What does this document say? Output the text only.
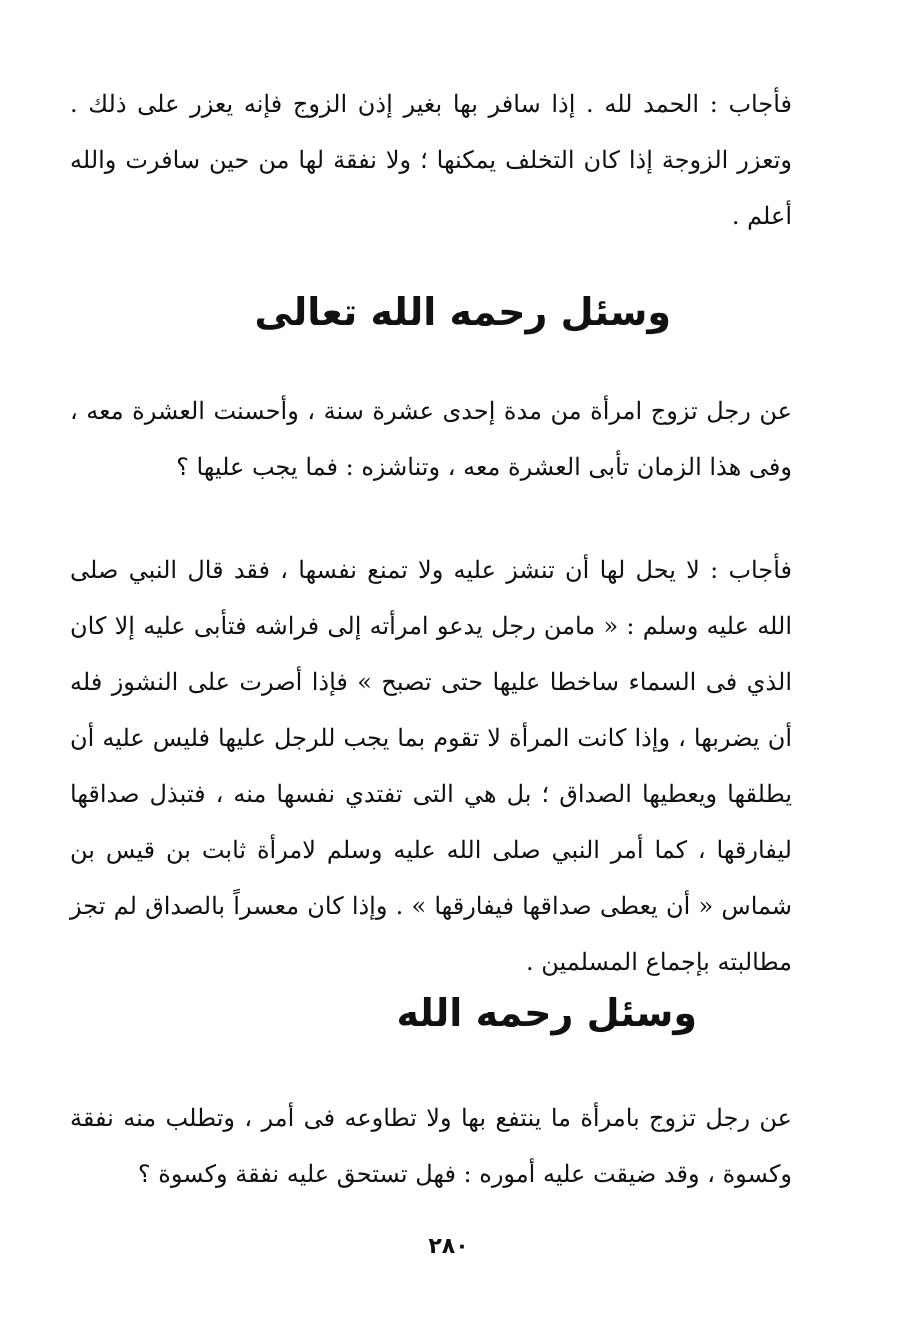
فأجاب : الحمد لله . إذا سافر بها بغير إذن الزوج فإنه يعزر على ذلك . وتعزر الزوجة إذا كان التخلف يمكنها ؛ ولا نفقة لها من حين سافرت والله أعلم .

وسئل رحمه الله تعالى

عن رجل تزوج امرأة من مدة إحدى عشرة سنة ، وأحسنت العشرة معه ، وفى هذا الزمان تأبى العشرة معه ، وتناشزه : فما يجب عليها ؟

فأجاب : لا يحل لها أن تنشز عليه ولا تمنع نفسها ، فقد قال النبي صلى الله عليه وسلم : « مامن رجل يدعو امرأته إلى فراشه فتأبى عليه إلا كان الذي فى السماء ساخطا عليها حتى تصبح » فإذا أصرت على النشوز فله أن يضربها ، وإذا كانت المرأة لا تقوم بما يجب للرجل عليها فليس عليه أن يطلقها ويعطيها الصداق ؛ بل هي التى تفتدي نفسها منه ، فتبذل صداقها ليفارقها ، كما أمر النبي صلى الله عليه وسلم لامرأة ثابت بن قيس بن شماس « أن يعطى صداقها فيفارقها » . وإذا كان معسراً بالصداق لم تجز مطالبته بإجماع المسلمين .

وسئل رحمه الله

عن رجل تزوج بامرأة ما ينتفع بها ولا تطاوعه فى أمر ، وتطلب منه نفقة وكسوة ، وقد ضيقت عليه أموره : فهل تستحق عليه نفقة وكسوة ؟

٢٨٠
